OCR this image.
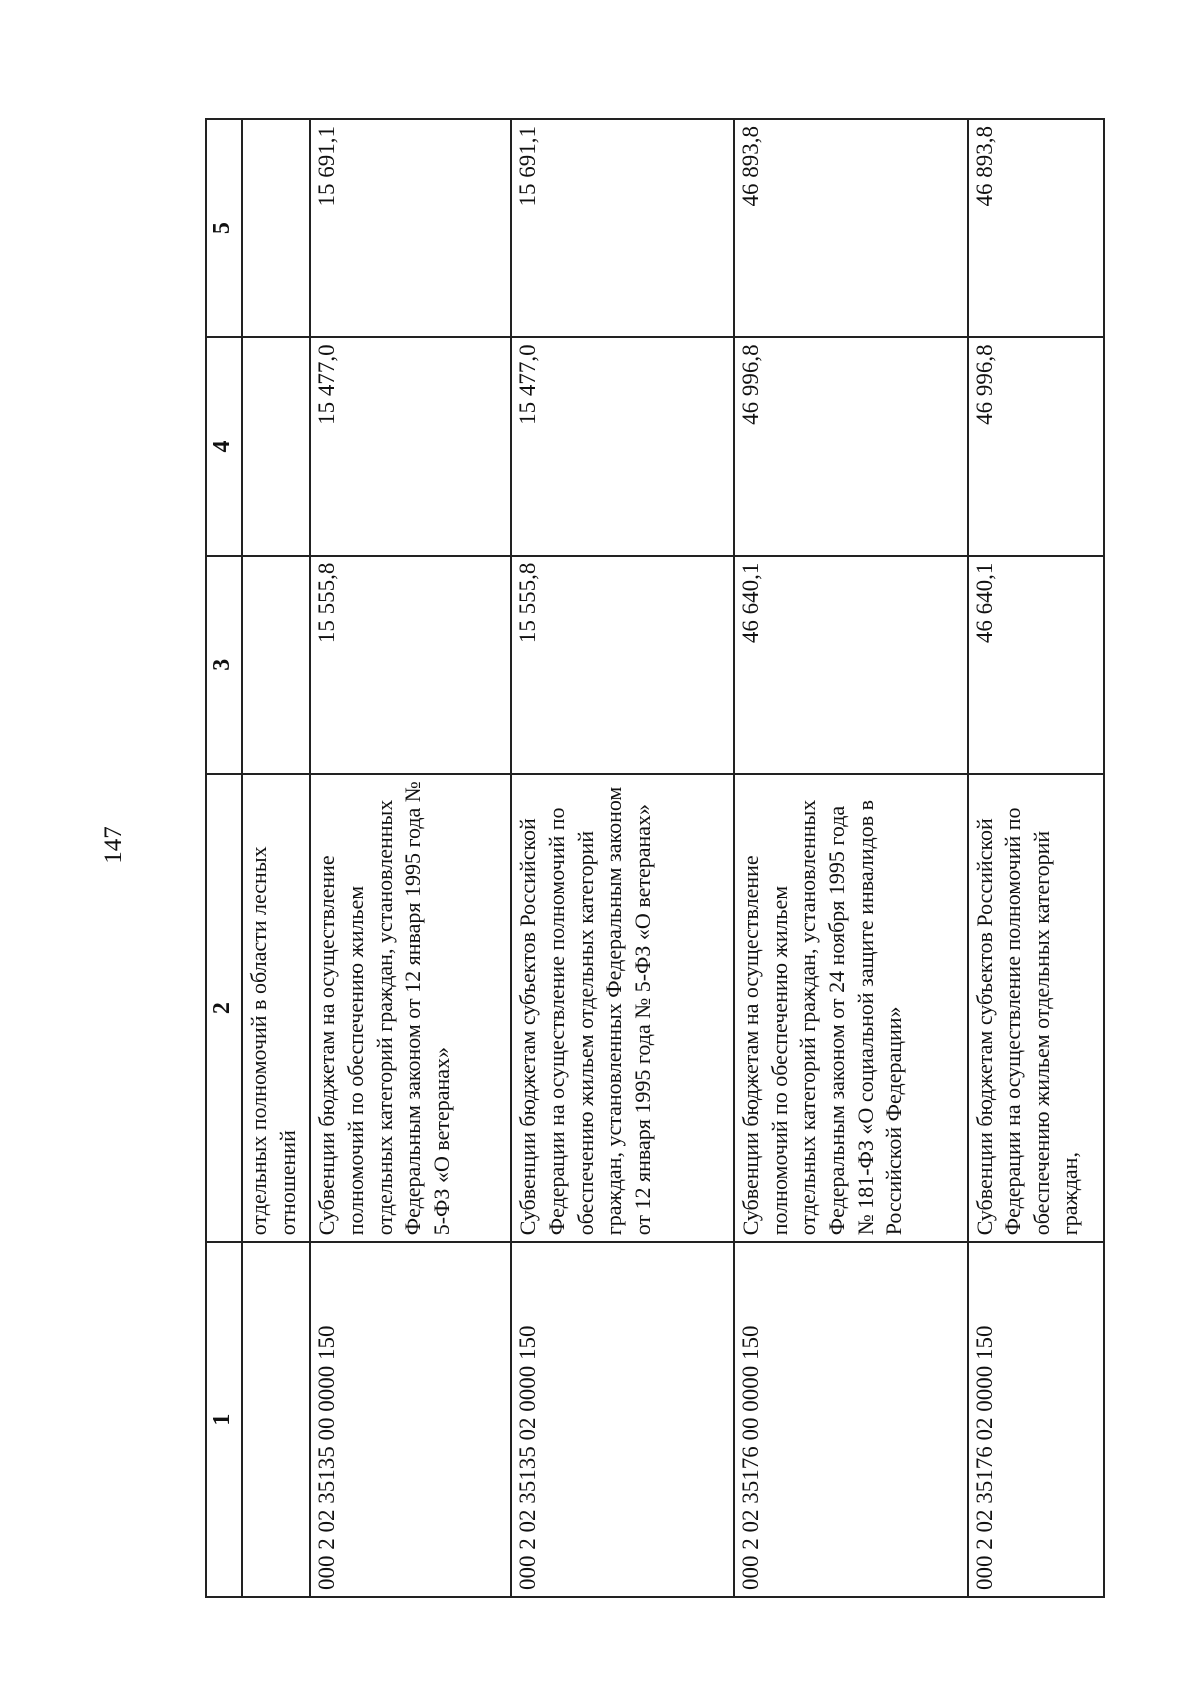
147
1	2	3	4	5
	отдельных полномочий в области лесных отношений			
000 2 02 35135 00 0000 150	Субвенции бюджетам на осуществление полномочий по обеспечению жильем отдельных категорий граждан, установленных Федеральным законом от 12 января 1995 года № 5-ФЗ «О ветеранах»	15 555,8	15 477,0	15 691,1
000 2 02 35135 02 0000 150	Субвенции бюджетам субъектов Российской Федерации на осуществление полномочий по обеспечению жильем отдельных категорий граждан, установленных Федеральным законом от 12 января 1995 года № 5-ФЗ «О ветеранах»	15 555,8	15 477,0	15 691,1
000 2 02 35176 00 0000 150	Субвенции бюджетам на осуществление полномочий по обеспечению жильем отдельных категорий граждан, установленных Федеральным законом от 24 ноября 1995 года № 181-ФЗ «О социальной защите инвалидов в Российской Федерации»	46 640,1	46 996,8	46 893,8
000 2 02 35176 02 0000 150	Субвенции бюджетам субъектов Российской Федерации на осуществление полномочий по обеспечению жильем отдельных категорий граждан,	46 640,1	46 996,8	46 893,8
